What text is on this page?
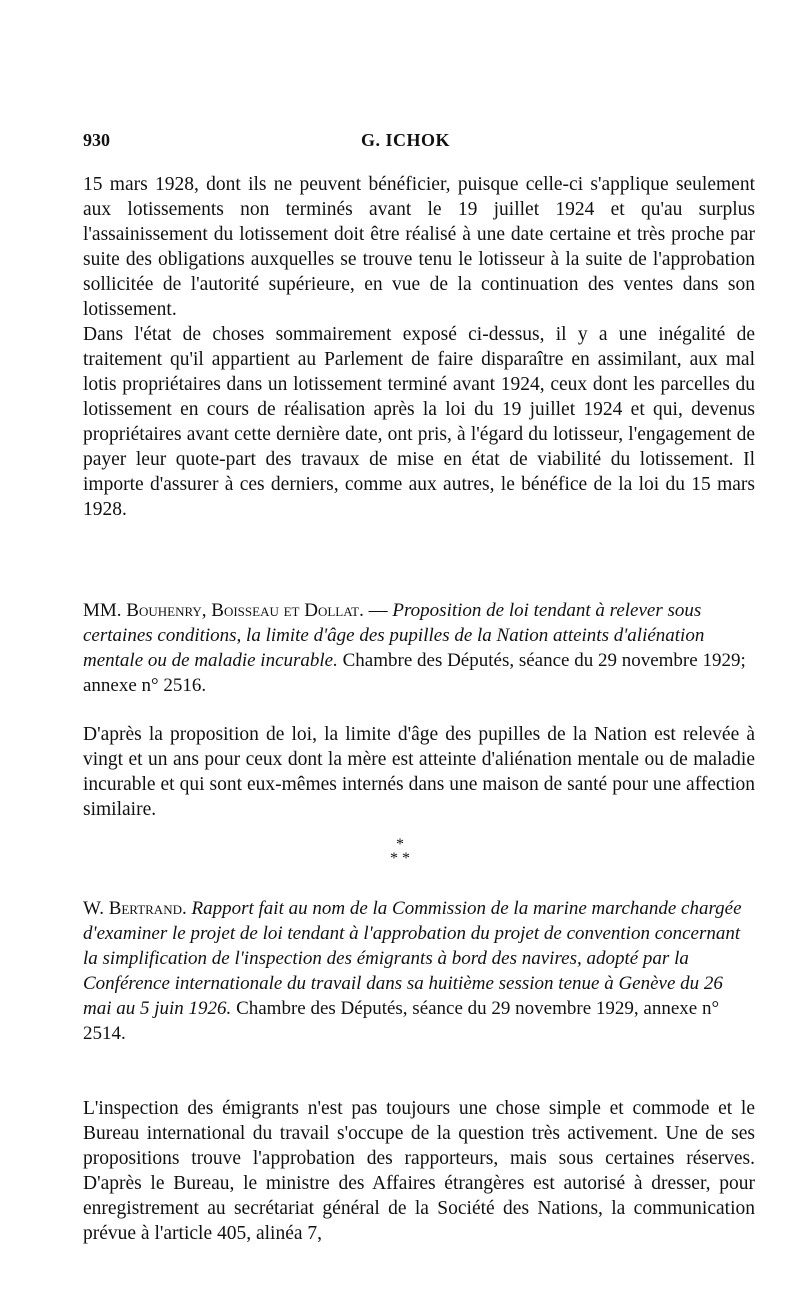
930	G. ICHOK

15 mars 1928, dont ils ne peuvent bénéficier, puisque celle-ci s'applique seulement aux lotissements non terminés avant le 19 juillet 1924 et qu'au surplus l'assainissement du lotissement doit être réalisé à une date certaine et très proche par suite des obligations auxquelles se trouve tenu le lotisseur à la suite de l'approbation sollicitée de l'autorité supérieure, en vue de la continuation des ventes dans son lotissement.

Dans l'état de choses sommairement exposé ci-dessus, il y a une inégalité de traitement qu'il appartient au Parlement de faire disparaître en assimilant, aux mal lotis propriétaires dans un lotissement terminé avant 1924, ceux dont les parcelles du lotissement en cours de réalisation après la loi du 19 juillet 1924 et qui, devenus propriétaires avant cette dernière date, ont pris, à l'égard du lotisseur, l'engagement de payer leur quote-part des travaux de mise en état de viabilité du lotissement. Il importe d'assurer à ces derniers, comme aux autres, le bénéfice de la loi du 15 mars 1928.

MM. Bouhenry, Boisseau et Dollat. — Proposition de loi tendant à relever sous certaines conditions, la limite d'âge des pupilles de la Nation atteints d'aliénation mentale ou de maladie incurable. Chambre des Députés, séance du 29 novembre 1929; annexe n° 2516.

D'après la proposition de loi, la limite d'âge des pupilles de la Nation est relevée à vingt et un ans pour ceux dont la mère est atteinte d'aliénation mentale ou de maladie incurable et qui sont eux-mêmes internés dans une maison de santé pour une affection similaire.

*
* *

W. Bertrand. Rapport fait au nom de la Commission de la marine marchande chargée d'examiner le projet de loi tendant à l'approbation du projet de convention concernant la simplification de l'inspection des émigrants à bord des navires, adopté par la Conférence internationale du travail dans sa huitième session tenue à Genève du 26 mai au 5 juin 1926. Chambre des Députés, séance du 29 novembre 1929, annexe n° 2514.

L'inspection des émigrants n'est pas toujours une chose simple et commode et le Bureau international du travail s'occupe de la question très activement. Une de ses propositions trouve l'approbation des rapporteurs, mais sous certaines réserves. D'après le Bureau, le ministre des Affaires étrangères est autorisé à dresser, pour enregistrement au secrétariat général de la Société des Nations, la communication prévue à l'article 405, alinéa 7,
